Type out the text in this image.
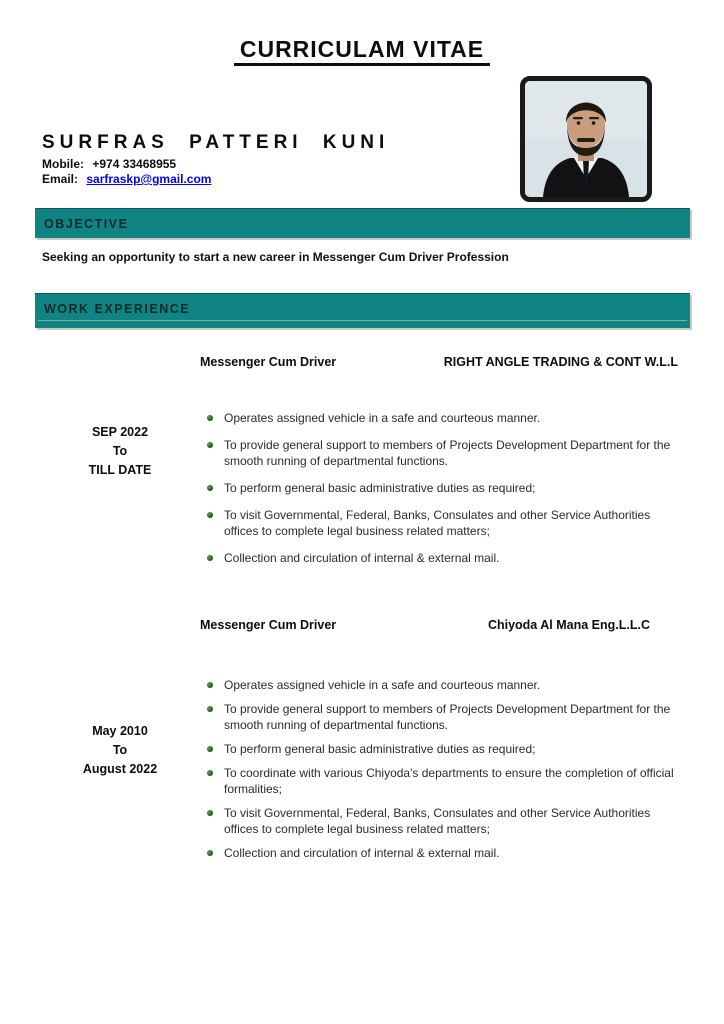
CURRICULAM VITAE
SURFRAS PATTERI KUNI
Mobile: +974 33468955
Email: sarfraskp@gmail.com
OBJECTIVE
Seeking an opportunity to start a new career in Messenger Cum Driver Profession
WORK EXPERIENCE
Messenger Cum Driver	RIGHT ANGLE TRADING & CONT W.L.L
SEP 2022
To
TILL DATE
Operates assigned vehicle in a safe and courteous manner.
To provide general support to members of Projects Development Department for the smooth running of departmental functions.
To perform general basic administrative duties as required;
To visit Governmental, Federal, Banks, Consulates and other Service Authorities offices to complete legal business related matters;
Collection and circulation of internal & external mail.
Messenger Cum Driver	Chiyoda Al Mana Eng.L.L.C
May 2010
To
August 2022
Operates assigned vehicle in a safe and courteous manner.
To provide general support to members of Projects Development Department for the smooth running of departmental functions.
To perform general basic administrative duties as required;
To coordinate with various Chiyoda's departments to ensure the completion of official formalities;
To visit Governmental, Federal, Banks, Consulates and other Service Authorities offices to complete legal business related matters;
Collection and circulation of internal & external mail.
